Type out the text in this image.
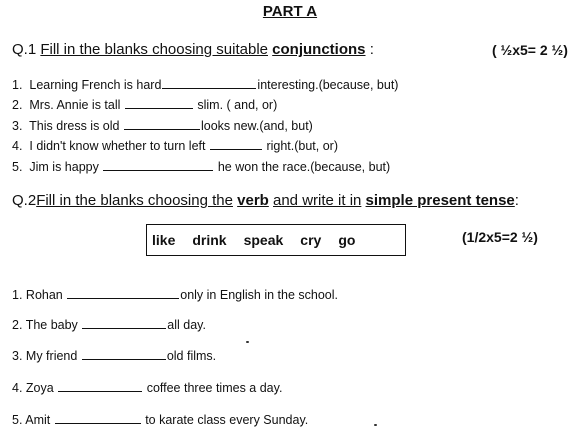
PART A
Q.1 Fill in the blanks choosing suitable conjunctions :	( ½x5= 2 ½)
1. Learning French is hard	interesting.(because, but)
2. Mrs. Annie is tall	slim. ( and, or)
3. This dress is old	looks new.(and, but)
4. I didn't know whether to turn left	right.(but, or)
5. Jim is happy	he won the race.(because, but)
Q.2Fill in the blanks choosing the verb and write it in simple present tense:
like drink speak cry go	(1/2x5=2 ½)
1. Rohan	only in English in the school.
2. The baby	all day.
3. My friend	old films.
4. Zoya	coffee three times a day.
5. Amit	to karate class every Sunday.
